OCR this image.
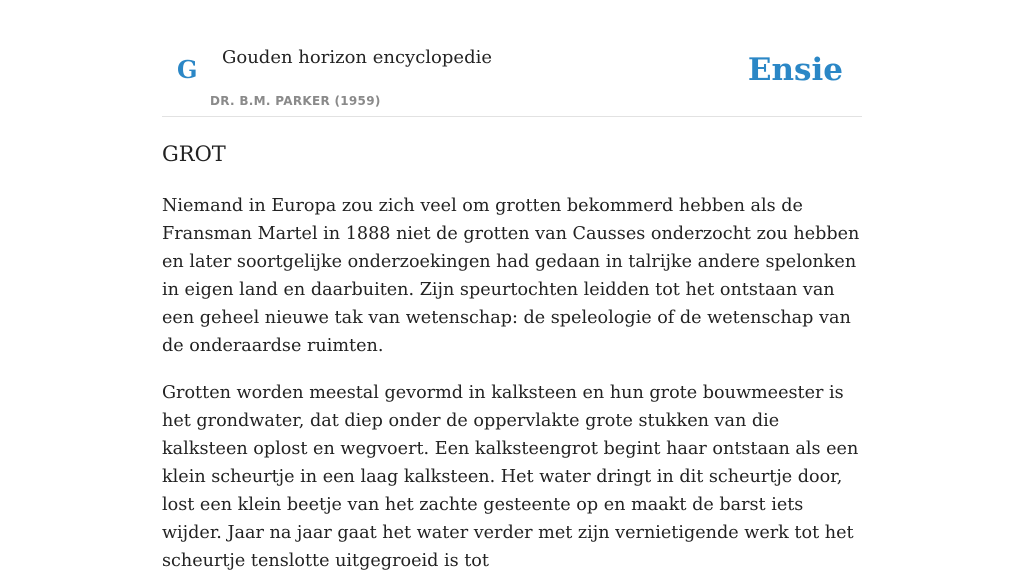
G Gouden horizon encyclopedie
DR. B.M. PARKER (1959)
Ensie
GROT

Niemand in Europa zou zich veel om grotten bekommerd hebben als de Fransman Martel in 1888 niet de grotten van Causses onderzocht zou hebben en later soortgelijke onderzoekingen had gedaan in talrijke andere spelonken in eigen land en daarbuiten. Zijn speurtochten leidden tot het ontstaan van een geheel nieuwe tak van wetenschap: de speleologie of de wetenschap van de onderaardse ruimten.

Grotten worden meestal gevormd in kalksteen en hun grote bouwmeester is het grondwater, dat diep onder de oppervlakte grote stukken van die kalksteen oplost en wegvoert. Een kalksteengrot begint haar ontstaan als een klein scheurtje in een laag kalksteen. Het water dringt in dit scheurtje door, lost een klein beetje van het zachte gesteente op en maakt de barst iets wijder. Jaar na jaar gaat het water verder met zijn vernietigende werk tot het scheurtje tenslotte uitgegroeid is tot
